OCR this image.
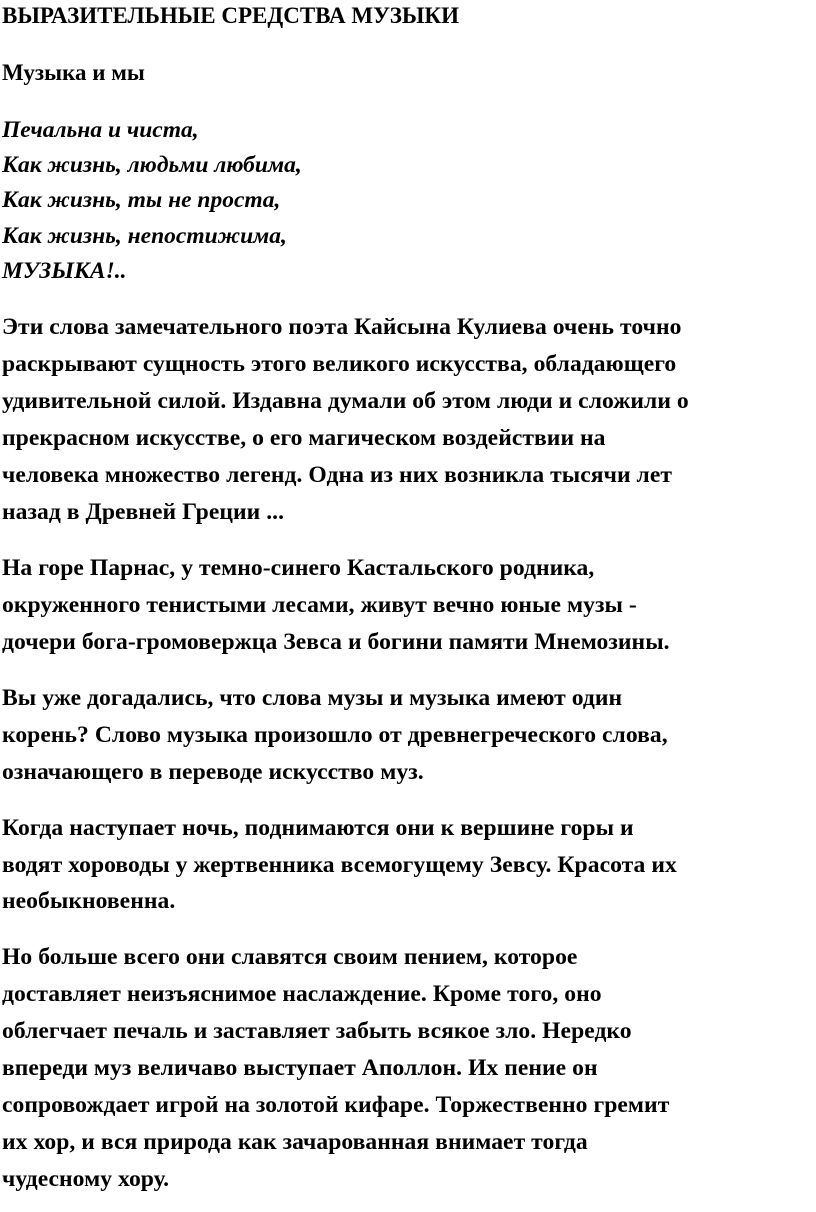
ВЫРАЗИТЕЛЬНЫЕ СРЕДСТВА МУЗЫКИ
Музыка и мы
Печальна и чиста,
Как жизнь, людьми любима,
Как жизнь, ты не проста,
Как жизнь, непостижима,
МУЗЫКА!..
Эти слова замечательного поэта Кайсына Кулиева очень точно
раскрывают сущность этого великого искусства, обладающего
удивительной силой. Издавна думали об этом люди и сложили о
прекрасном искусстве, о его магическом воздействии на
человека множество легенд. Одна из них возникла тысячи лет
назад в Древней Греции ...
На горе Парнас, у темно-синего Кастальского родника,
окруженного тенистыми лесами, живут вечно юные музы -
дочери бога-громовержца Зевса и богини памяти Мнемозины.
Вы уже догадались, что слова музы и музыка имеют один
корень? Слово музыка произошло от древнегреческого слова,
означающего в переводе искусство муз.
Когда наступает ночь, поднимаются они к вершине горы и
водят хороводы у жертвенника всемогущему Зевсу. Красота их
необыкновенна.
Но больше всего они славятся своим пением, которое
доставляет неизъяснимое наслаждение. Кроме того, оно
облегчает печаль и заставляет забыть всякое зло. Нередко
впереди муз величаво выступает Аполлон. Их пение он
сопровождает игрой на золотой кифаре. Торжественно гремит
их хор, и вся природа как зачарованная внимает тогда
чудесному хору.
